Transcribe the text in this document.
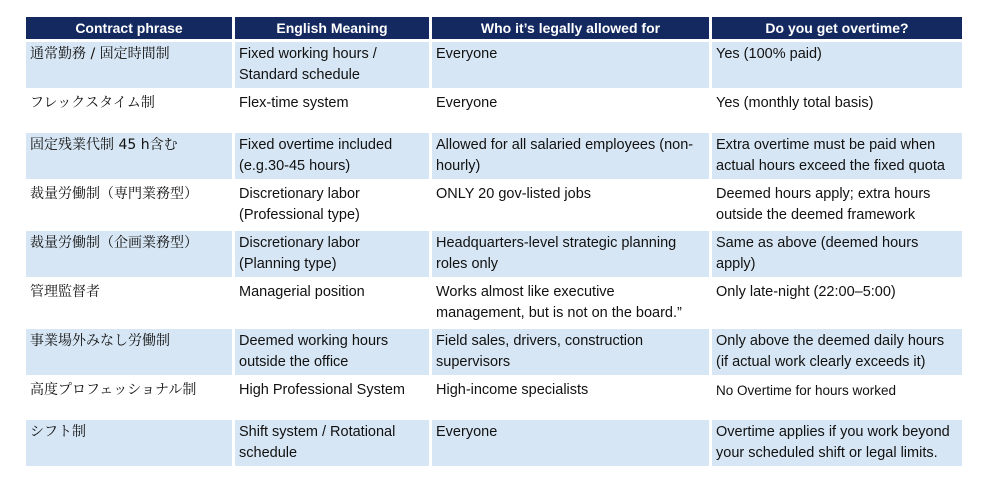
Contract phrase	English Meaning	Who it’s legally allowed for	Do you get overtime?
通常勤務 / 固定時間制	Fixed working hours / Standard schedule	Everyone	Yes (100% paid)
フレックスタイム制	Flex-time system	Everyone	Yes (monthly total basis)
固定残業代制 45 h含む	Fixed overtime included (e.g.30-45 hours)	Allowed for all salaried employees (non-hourly)	Extra overtime must be paid when actual hours exceed the fixed quota
裁量労働制（専門業務型）	Discretionary labor (Professional type)	ONLY 20 gov-listed jobs	Deemed hours apply; extra hours outside the deemed framework
裁量労働制（企画業務型）	Discretionary labor (Planning type)	Headquarters-level strategic planning roles only	Same as above (deemed hours apply)
管理監督者	Managerial position	Works almost like executive management, but is not on the board.”	Only late-night (22:00–5:00)
事業場外みなし労働制	Deemed working hours outside the office	Field sales, drivers, construction supervisors	Only above the deemed daily hours (if actual work clearly exceeds it)
高度プロフェッショナル制	High Professional System	High-income specialists	No Overtime for hours worked
シフト制	Shift system / Rotational schedule	Everyone	Overtime applies if you work beyond your scheduled shift or legal limits.
